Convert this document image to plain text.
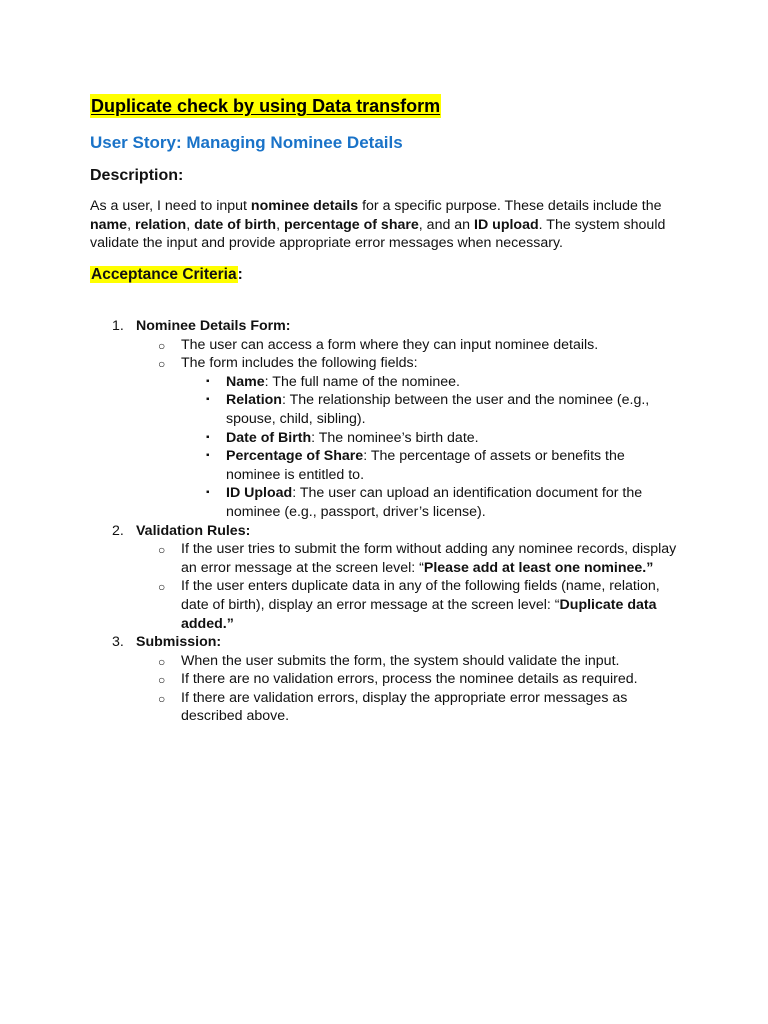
Duplicate check by using Data transform
User Story: Managing Nominee Details
Description:

As a user, I need to input nominee details for a specific purpose. These details include the name, relation, date of birth, percentage of share, and an ID upload. The system should validate the input and provide appropriate error messages when necessary.

Acceptance Criteria:
1. Nominee Details Form:
○ The user can access a form where they can input nominee details.
○ The form includes the following fields:
▪ Name: The full name of the nominee.
▪ Relation: The relationship between the user and the nominee (e.g., spouse, child, sibling).
▪ Date of Birth: The nominee’s birth date.
▪ Percentage of Share: The percentage of assets or benefits the nominee is entitled to.
▪ ID Upload: The user can upload an identification document for the nominee (e.g., passport, driver’s license).
2. Validation Rules:
○ If the user tries to submit the form without adding any nominee records, display an error message at the screen level: “Please add at least one nominee.”
○ If the user enters duplicate data in any of the following fields (name, relation, date of birth), display an error message at the screen level: “Duplicate data added.”
3. Submission:
○ When the user submits the form, the system should validate the input.
○ If there are no validation errors, process the nominee details as required.
○ If there are validation errors, display the appropriate error messages as described above.
